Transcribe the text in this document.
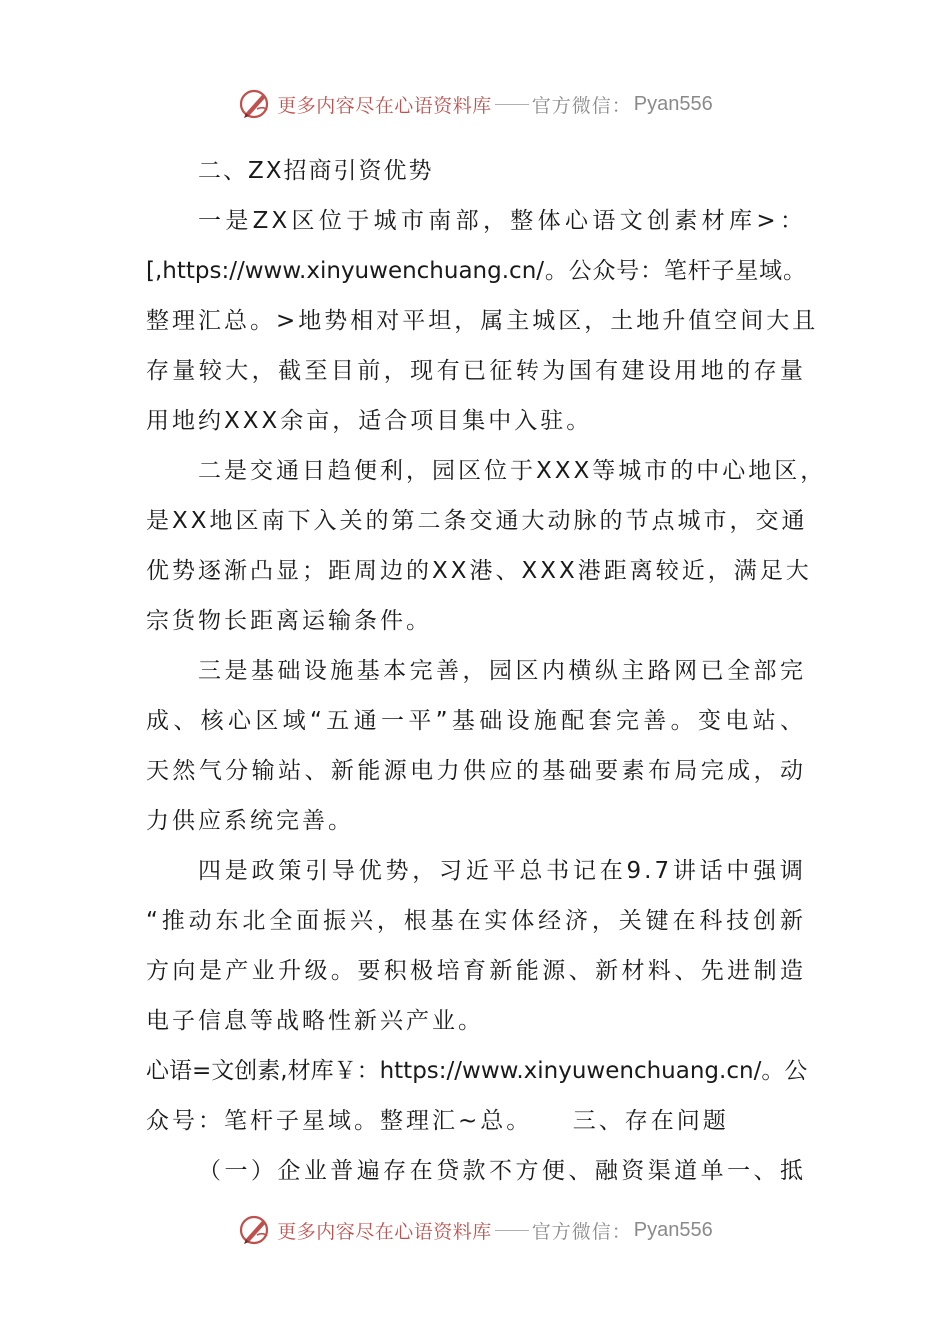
更多内容尽在心语资料库 官方微信： Pyan556
二、ZX招商引资优势
一是ZX区位于城市南部，整体心语文创素材库>：
[,https://www.xinyuwenchuang.cn/。公众号：笔杆子星域。
整理汇总。>地势相对平坦，属主城区，土地升值空间大且
存量较大，截至目前，现有已征转为国有建设用地的存量
用地约XXX余亩，适合项目集中入驻。
二是交通日趋便利，园区位于XXX等城市的中心地区，
是XX地区南下入关的第二条交通大动脉的节点城市，交通
优势逐渐凸显；距周边的XX港、XXX港距离较近，满足大
宗货物长距离运输条件。
三是基础设施基本完善，园区内横纵主路网已全部完
成、核心区域“五通一平”基础设施配套完善。变电站、
天然气分输站、新能源电力供应的基础要素布局完成，动
力供应系统完善。
四是政策引导优势，习近平总书记在9.7讲话中强调
“推动东北全面振兴，根基在实体经济，关键在科技创新
方向是产业升级。要积极培育新能源、新材料、先进制造
电子信息等战略性新兴产业。
心语=文创素,材库￥：https://www.xinyuwenchuang.cn/。公
众号：笔杆子星域。整理汇~总。　　三、存在问题
（一）企业普遍存在贷款不方便、融资渠道单一、抵
更多内容尽在心语资料库 官方微信： Pyan556
